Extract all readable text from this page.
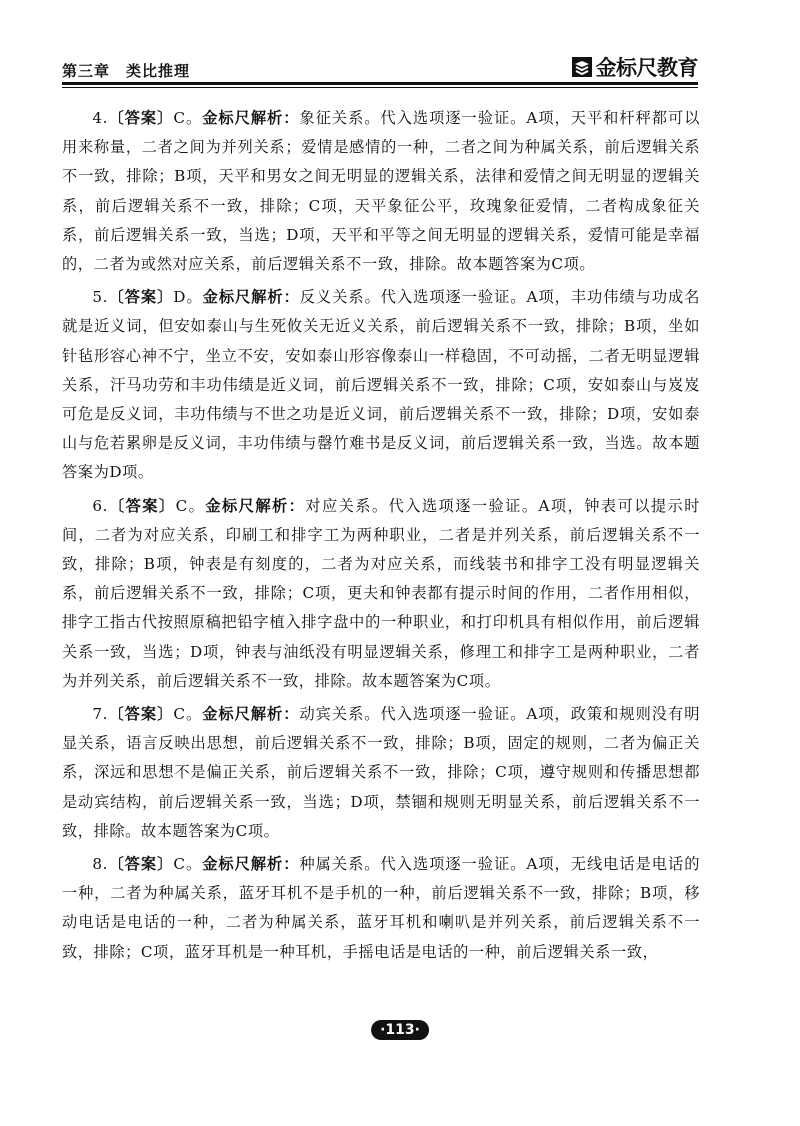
第三章　类比推理	金标尺教育

4.〔答案〕C。金标尺解析：象征关系。代入选项逐一验证。A项，天平和杆秤都可以用来称量，二者之间为并列关系；爱情是感情的一种，二者之间为种属关系，前后逻辑关系不一致，排除；B项，天平和男女之间无明显的逻辑关系，法律和爱情之间无明显的逻辑关系，前后逻辑关系不一致，排除；C项，天平象征公平，玫瑰象征爱情，二者构成象征关系，前后逻辑关系一致，当选；D项，天平和平等之间无明显的逻辑关系，爱情可能是幸福的，二者为或然对应关系，前后逻辑关系不一致，排除。故本题答案为C项。

5.〔答案〕D。金标尺解析：反义关系。代入选项逐一验证。A项，丰功伟绩与功成名就是近义词，但安如泰山与生死攸关无近义关系，前后逻辑关系不一致，排除；B项，坐如针毡形容心神不宁，坐立不安，安如泰山形容像泰山一样稳固，不可动摇，二者无明显逻辑关系，汗马功劳和丰功伟绩是近义词，前后逻辑关系不一致，排除；C项，安如泰山与岌岌可危是反义词，丰功伟绩与不世之功是近义词，前后逻辑关系不一致，排除；D项，安如泰山与危若累卵是反义词，丰功伟绩与罄竹难书是反义词，前后逻辑关系一致，当选。故本题答案为D项。

6.〔答案〕C。金标尺解析：对应关系。代入选项逐一验证。A项，钟表可以提示时间，二者为对应关系，印刷工和排字工为两种职业，二者是并列关系，前后逻辑关系不一致，排除；B项，钟表是有刻度的，二者为对应关系，而线装书和排字工没有明显逻辑关系，前后逻辑关系不一致，排除；C项，更夫和钟表都有提示时间的作用，二者作用相似，排字工指古代按照原稿把铅字植入排字盘中的一种职业，和打印机具有相似作用，前后逻辑关系一致，当选；D项，钟表与油纸没有明显逻辑关系，修理工和排字工是两种职业，二者为并列关系，前后逻辑关系不一致，排除。故本题答案为C项。

7.〔答案〕C。金标尺解析：动宾关系。代入选项逐一验证。A项，政策和规则没有明显关系，语言反映出思想，前后逻辑关系不一致，排除；B项，固定的规则，二者为偏正关系，深远和思想不是偏正关系，前后逻辑关系不一致，排除；C项，遵守规则和传播思想都是动宾结构，前后逻辑关系一致，当选；D项，禁锢和规则无明显关系，前后逻辑关系不一致，排除。故本题答案为C项。

8.〔答案〕C。金标尺解析：种属关系。代入选项逐一验证。A项，无线电话是电话的一种，二者为种属关系，蓝牙耳机不是手机的一种，前后逻辑关系不一致，排除；B项，移动电话是电话的一种，二者为种属关系，蓝牙耳机和喇叭是并列关系，前后逻辑关系不一致，排除；C项，蓝牙耳机是一种耳机，手摇电话是电话的一种，前后逻辑关系一致，

·113·
